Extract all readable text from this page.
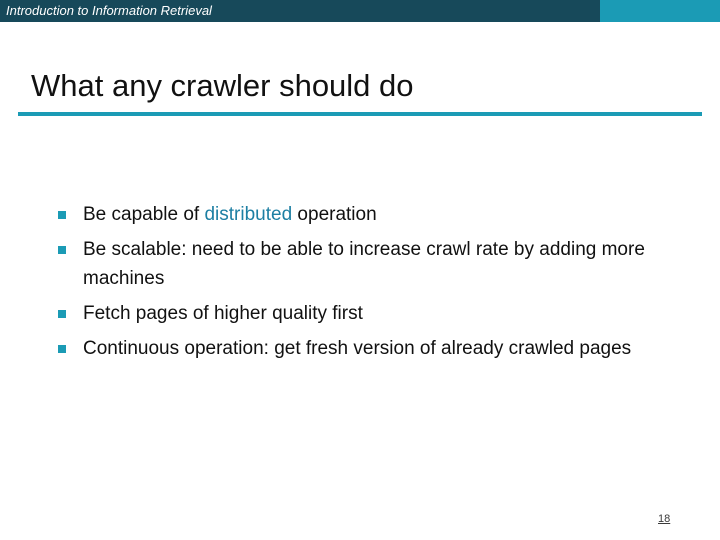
Introduction to Information Retrieval
What any crawler should do
Be capable of distributed operation
Be scalable: need to be able to increase crawl rate by adding more machines
Fetch pages of higher quality first
Continuous operation: get fresh version of already crawled pages
18
